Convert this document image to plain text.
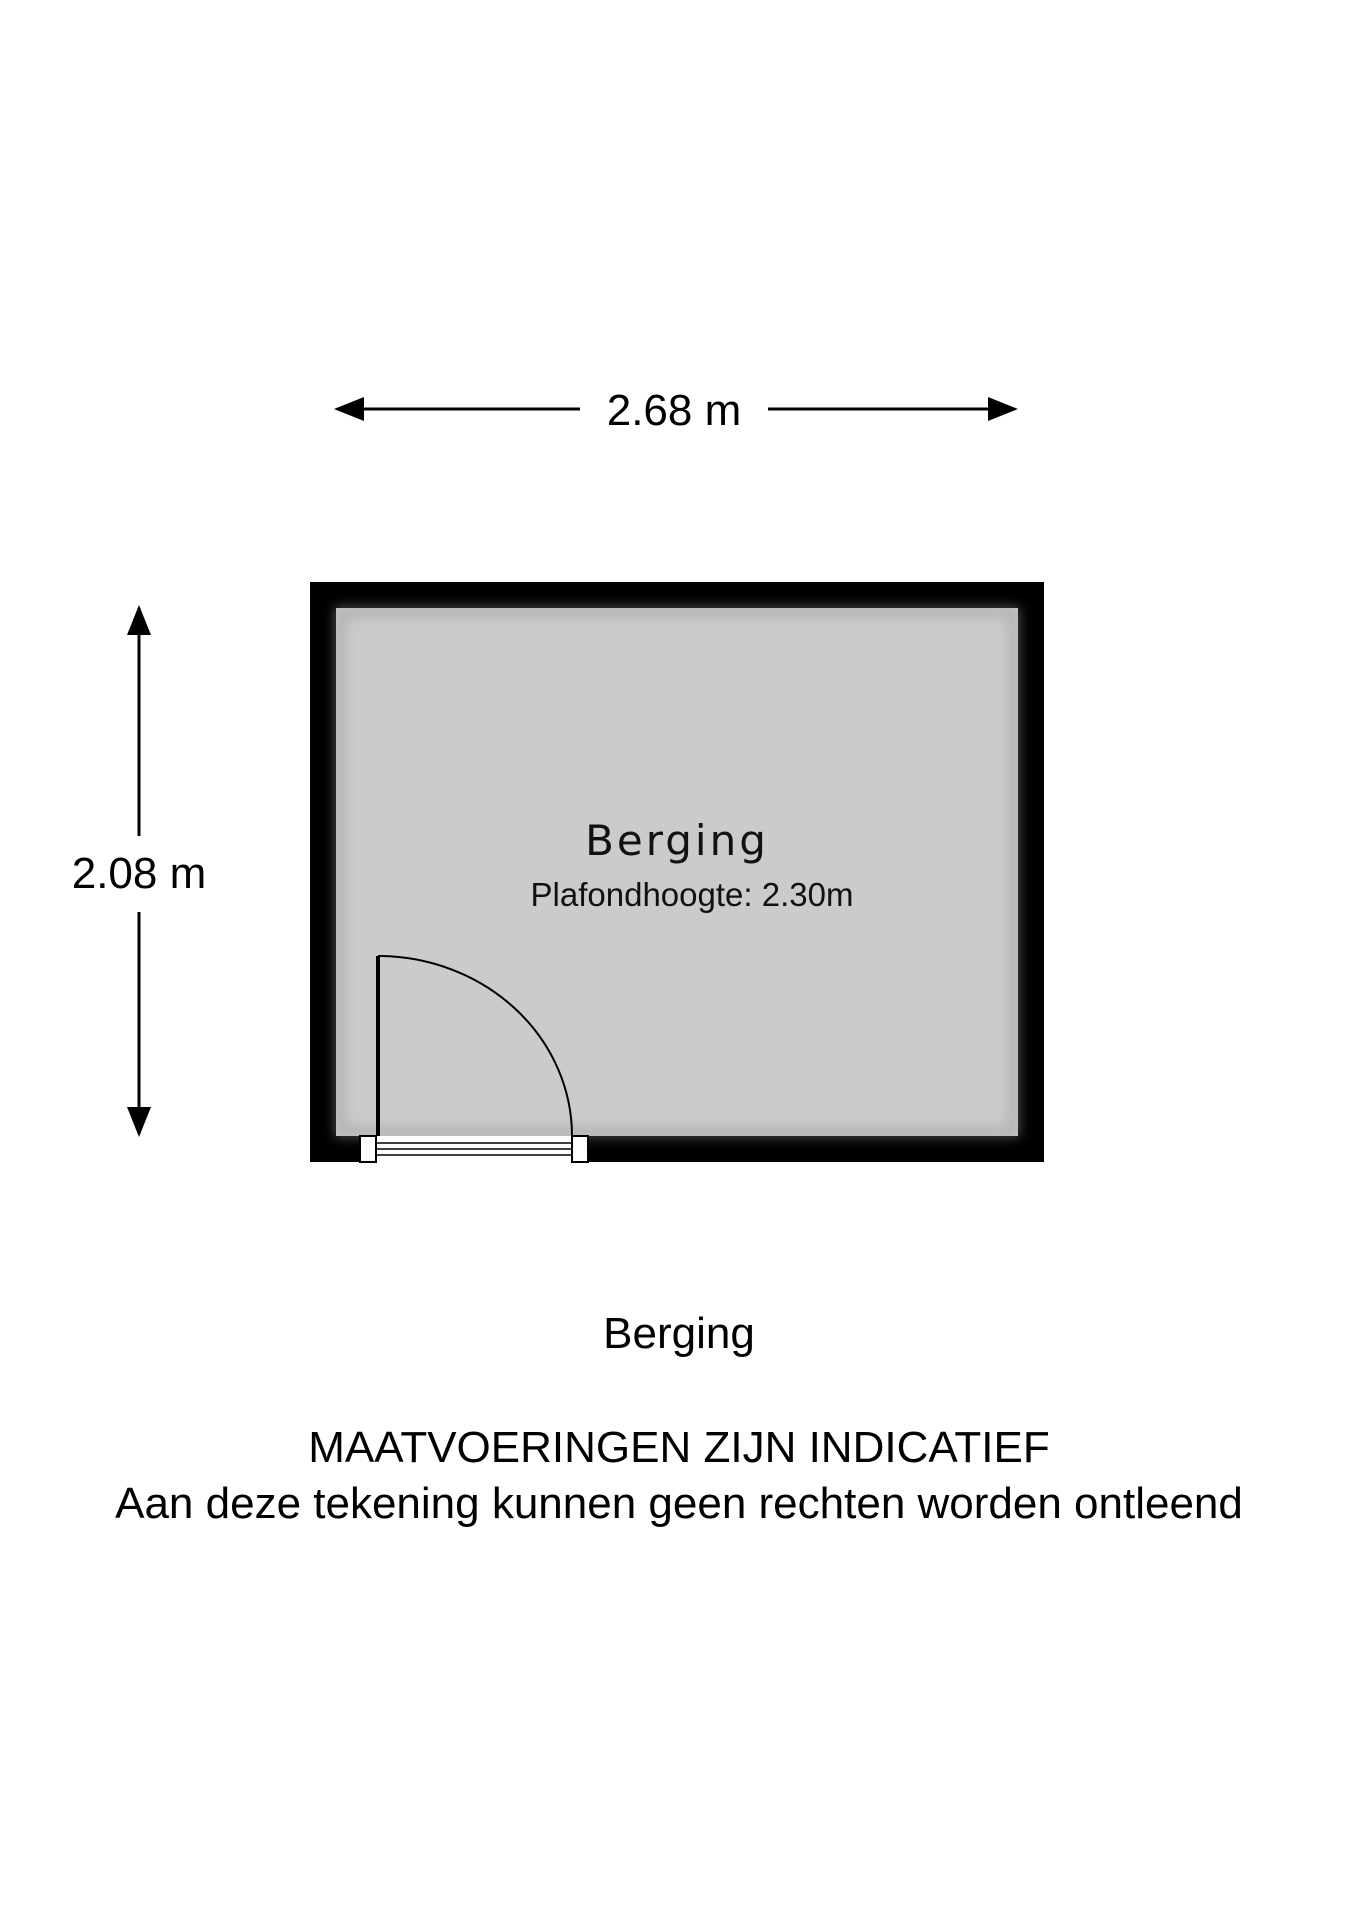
2.68 m
2.08 m
Berging
Plafondhoogte: 2.30m
Berging
MAATVOERINGEN ZIJN INDICATIEF
Aan deze tekening kunnen geen rechten worden ontleend
